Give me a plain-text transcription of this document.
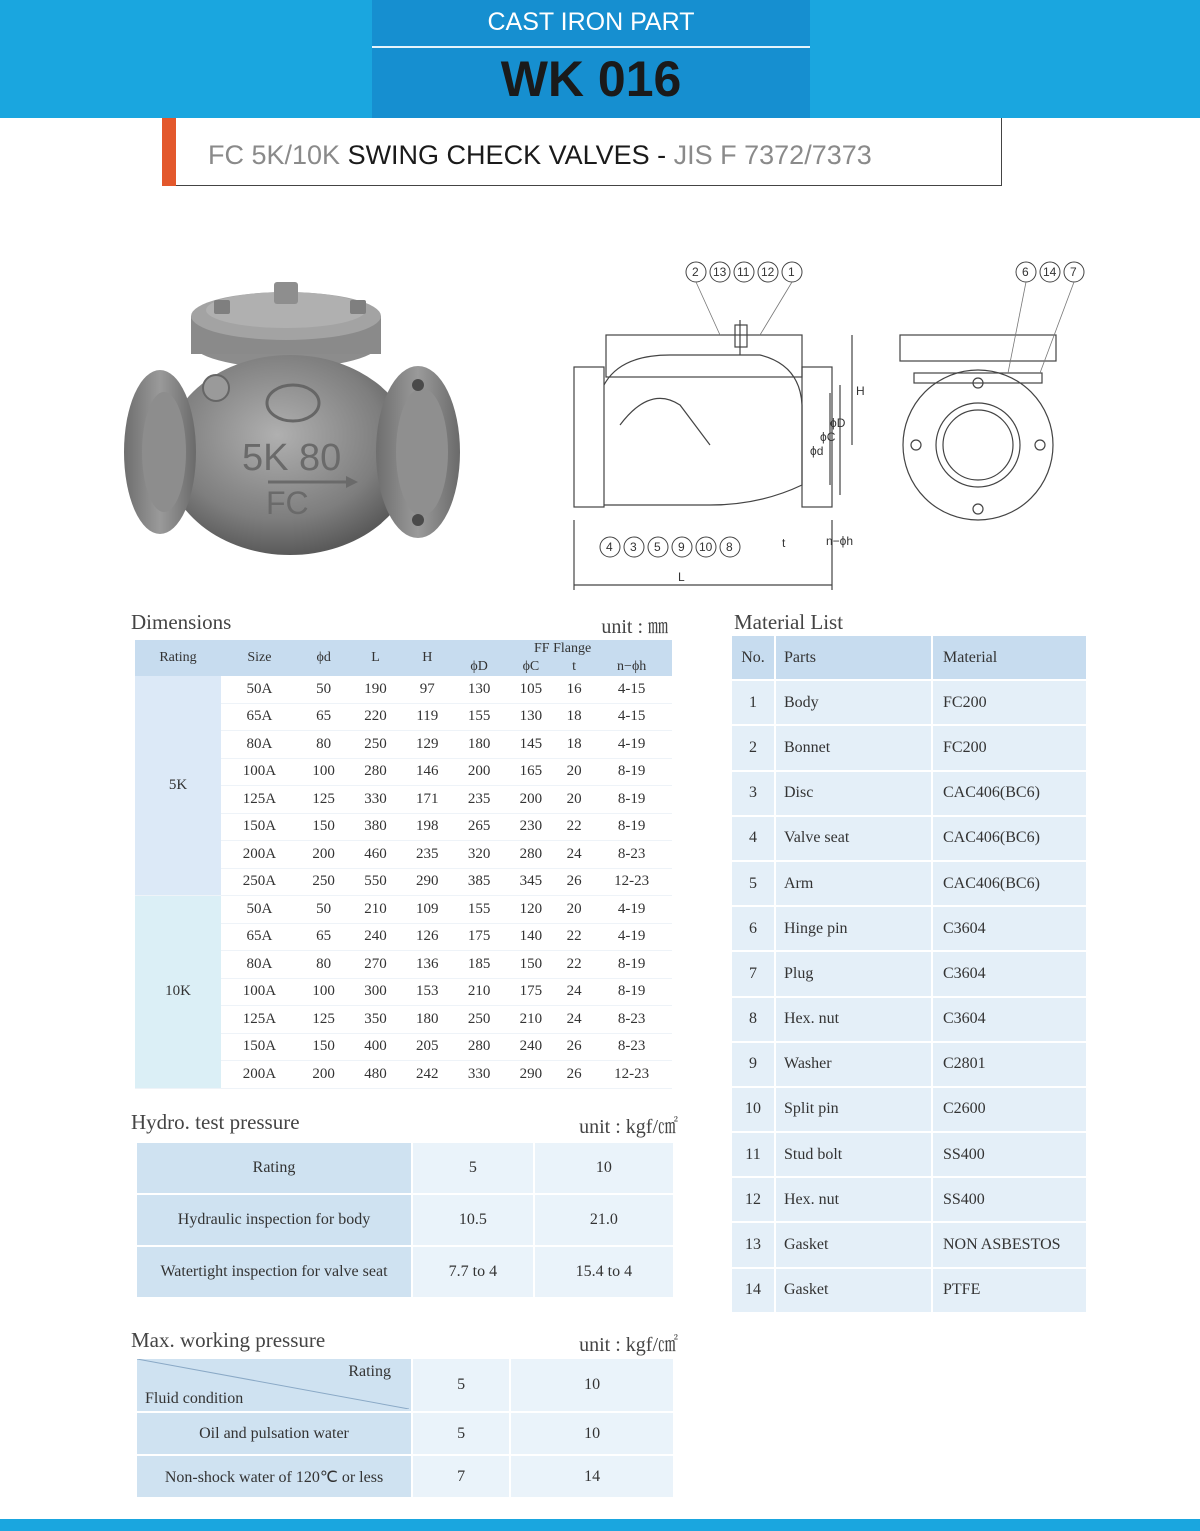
CAST IRON PART
WK 016
FC 5K/10K SWING CHECK VALVES - JIS F 7372/7373
5K 80
FC
2 13 11 12 1
4 3 5 9 10 8
6 14 7
H
ϕd
ϕC
ϕD
t
L
n−ϕh
Dimensions	unit : ㎜
Rating	Size	ϕd	L	H	FF Flange			
					ϕD	ϕC	t	n−ϕh
5K	50A	50	190	97	130	105	16	4-15
	65A	65	220	119	155	130	18	4-15
	80A	80	250	129	180	145	18	4-19
	100A	100	280	146	200	165	20	8-19
	125A	125	330	171	235	200	20	8-19
	150A	150	380	198	265	230	22	8-19
	200A	200	460	235	320	280	24	8-23
	250A	250	550	290	385	345	26	12-23
10K	50A	50	210	109	155	120	20	4-19
	65A	65	240	126	175	140	22	4-19
	80A	80	270	136	185	150	22	8-19
	100A	100	300	153	210	175	24	8-19
	125A	125	350	180	250	210	24	8-23
	150A	150	400	205	280	240	26	8-23
	200A	200	480	242	330	290	26	12-23
Hydro. test pressure	unit : kgf/㎠
Rating	5	10
Hydraulic inspection for body	10.5	21.0
Watertight inspection for valve seat	7.7 to 4	15.4 to 4
Max. working pressure	unit : kgf/㎠
Rating
Fluid condition	5	10
Oil and pulsation water	5	10
Non-shock water of 120℃ or less	7	14
Material List
No.	Parts	Material
1	Body	FC200
2	Bonnet	FC200
3	Disc	CAC406(BC6)
4	Valve seat	CAC406(BC6)
5	Arm	CAC406(BC6)
6	Hinge pin	C3604
7	Plug	C3604
8	Hex. nut	C3604
9	Washer	C2801
10	Split pin	C2600
11	Stud bolt	SS400
12	Hex. nut	SS400
13	Gasket	NON ASBESTOS
14	Gasket	PTFE
